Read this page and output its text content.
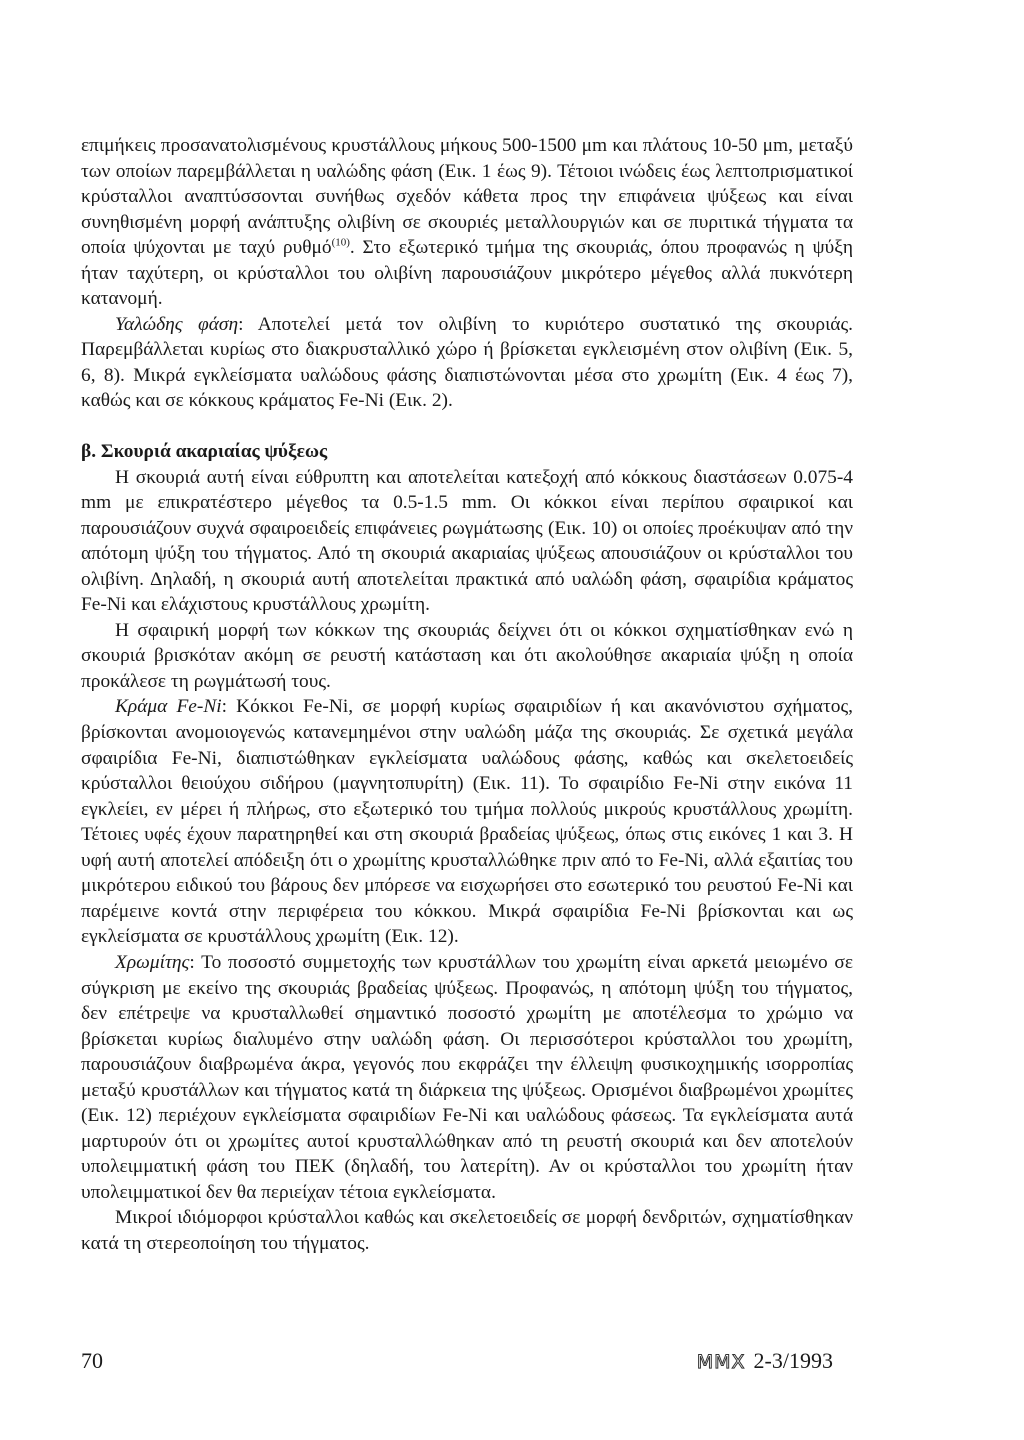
επιμήκεις προσανατολισμένους κρυστάλλους μήκους 500-1500 μm και πλάτους 10-50 μm, μεταξύ των οποίων παρεμβάλλεται η υαλώδης φάση (Εικ. 1 έως 9). Τέτοιοι ινώδεις έως λεπτοπρισματικοί κρύσταλλοι αναπτύσσονται συνήθως σχεδόν κάθετα προς την επιφάνεια ψύξεως και είναι συνηθισμένη μορφή ανάπτυξης ολιβίνη σε σκουριές μεταλλουργιών και σε πυριτικά τήγματα τα οποία ψύχονται με ταχύ ρυθμό$^{(10)}$. Στο εξωτερικό τμήμα της σκουριάς, όπου προφανώς η ψύξη ήταν ταχύτερη, οι κρύσταλλοι του ολιβίνη παρουσιάζουν μικρότερο μέγεθος αλλά πυκνότερη κατανομή.

Υαλώδης φάση: Αποτελεί μετά τον ολιβίνη το κυριότερο συστατικό της σκουριάς. Παρεμβάλλεται κυρίως στο διακρυσταλλικό χώρο ή βρίσκεται εγκλεισμένη στον ολιβίνη (Εικ. 5, 6, 8). Μικρά εγκλείσματα υαλώδους φάσης διαπιστώνονται μέσα στο χρωμίτη (Εικ. 4 έως 7), καθώς και σε κόκκους κράματος Fe-Ni (Εικ. 2).

β. Σκουριά ακαριαίας ψύξεως

Η σκουριά αυτή είναι εύθρυπτη και αποτελείται κατεξοχή από κόκκους διαστάσεων 0.075-4 mm με επικρατέστερο μέγεθος τα 0.5-1.5 mm. Οι κόκκοι είναι περίπου σφαιρικοί και παρουσιάζουν συχνά σφαιροειδείς επιφάνειες ρωγμάτωσης (Εικ. 10) οι οποίες προέκυψαν από την απότομη ψύξη του τήγματος. Από τη σκουριά ακαριαίας ψύξεως απουσιάζουν οι κρύσταλλοι του ολιβίνη. Δηλαδή, η σκουριά αυτή αποτελείται πρακτικά από υαλώδη φάση, σφαιρίδια κράματος Fe-Ni και ελάχιστους κρυστάλλους χρωμίτη.

Η σφαιρική μορφή των κόκκων της σκουριάς δείχνει ότι οι κόκκοι σχηματίσθηκαν ενώ η σκουριά βρισκόταν ακόμη σε ρευστή κατάσταση και ότι ακολούθησε ακαριαία ψύξη η οποία προκάλεσε τη ρωγμάτωσή τους.

Κράμα Fe-Ni: Κόκκοι Fe-Ni, σε μορφή κυρίως σφαιριδίων ή και ακανόνιστου σχήματος, βρίσκονται ανομοιογενώς κατανεμημένοι στην υαλώδη μάζα της σκουριάς. Σε σχετικά μεγάλα σφαιρίδια Fe-Ni, διαπιστώθηκαν εγκλείσματα υαλώδους φάσης, καθώς και σκελετοειδείς κρύσταλλοι θειούχου σιδήρου (μαγνητοπυρίτη) (Εικ. 11). Το σφαιρίδιο Fe-Ni στην εικόνα 11 εγκλείει, εν μέρει ή πλήρως, στο εξωτερικό του τμήμα πολλούς μικρούς κρυστάλλους χρωμίτη. Τέτοιες υφές έχουν παρατηρηθεί και στη σκουριά βραδείας ψύξεως, όπως στις εικόνες 1 και 3. Η υφή αυτή αποτελεί απόδειξη ότι ο χρωμίτης κρυσταλλώθηκε πριν από το Fe-Ni, αλλά εξαιτίας του μικρότερου ειδικού του βάρους δεν μπόρεσε να εισχωρήσει στο εσωτερικό του ρευστού Fe-Ni και παρέμεινε κοντά στην περιφέρεια του κόκκου. Μικρά σφαιρίδια Fe-Ni βρίσκονται και ως εγκλείσματα σε κρυστάλλους χρωμίτη (Εικ. 12).

Χρωμίτης: Το ποσοστό συμμετοχής των κρυστάλλων του χρωμίτη είναι αρκετά μειωμένο σε σύγκριση με εκείνο της σκουριάς βραδείας ψύξεως. Προφανώς, η απότομη ψύξη του τήγματος, δεν επέτρεψε να κρυσταλλωθεί σημαντικό ποσοστό χρωμίτη με αποτέλεσμα το χρώμιο να βρίσκεται κυρίως διαλυμένο στην υαλώδη φάση. Οι περισσότεροι κρύσταλλοι του χρωμίτη, παρουσιάζουν διαβρωμένα άκρα, γεγονός που εκφράζει την έλλειψη φυσικοχημικής ισορροπίας μεταξύ κρυστάλλων και τήγματος κατά τη διάρκεια της ψύξεως. Ορισμένοι διαβρωμένοι χρωμίτες (Εικ. 12) περιέχουν εγκλείσματα σφαιριδίων Fe-Ni και υαλώδους φάσεως. Τα εγκλείσματα αυτά μαρτυρούν ότι οι χρωμίτες αυτοί κρυσταλλώθηκαν από τη ρευστή σκουριά και δεν αποτελούν υπολειμματική φάση του ΠΕΚ (δηλαδή, του λατερίτη). Αν οι κρύσταλλοι του χρωμίτη ήταν υπολειμματικοί δεν θα περιείχαν τέτοια εγκλείσματα.

Μικροί ιδιόμορφοι κρύσταλλοι καθώς και σκελετοειδείς σε μορφή δενδριτών, σχηματίσθηκαν κατά τη στερεοποίηση του τήγματος.

70	ΜΜΧ 2-3/1993
